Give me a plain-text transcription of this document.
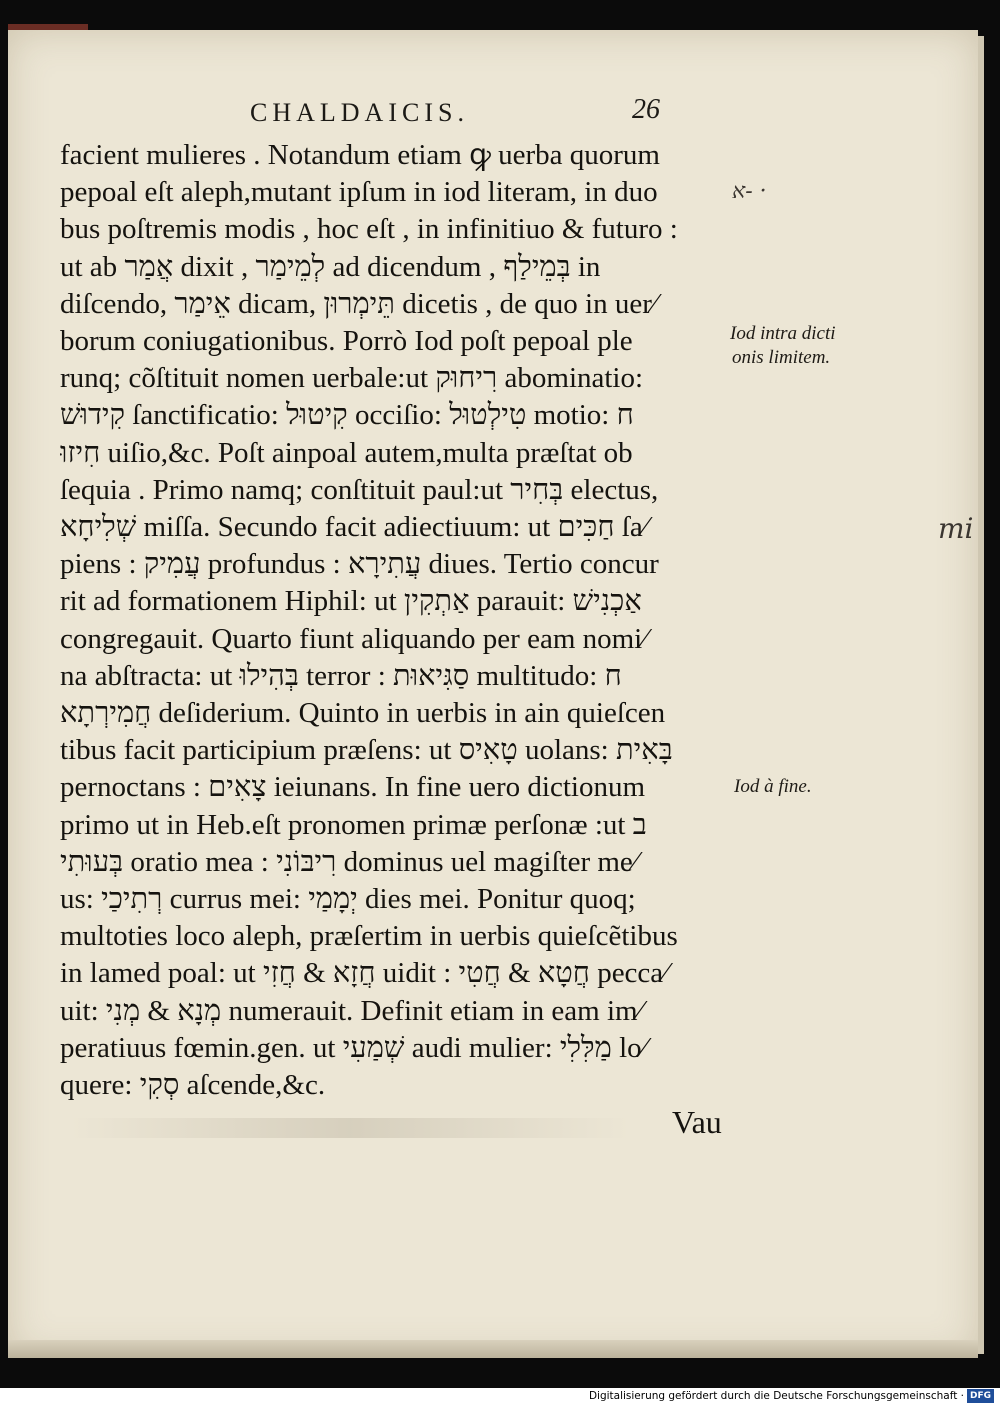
CHALDAICIS.	26
facient mulieres . Notandum etiam ꝙ uerba quorum
pepoal eſt aleph,mutant ipſum in iod literam, in duo
bus poſtremis modis , hoc eſt , in infinitiuo & futuro :
ut ab אֲמַר dixit , לְמֵימַר ad dicendum , בְּמֵילַף in
diſcendo, אֵימַר dicam, תֵּימְרוּן dicetis , de quo in uer⁄
borum coniugationibus. Porrò Iod poſt pepoal ple
runq; cõſtituit nomen uerbale:ut רִיחוּק abominatio:
קִידוּשׁ ſanctificatio: קִיטוּל occiſio: טִילְטוּל motio: ח
חִיזוּ uiſio,&c. Poſt ainpoal autem,multa præſtat ob
ſequia . Primo namq; conſtituit paul:ut בְּחִיר electus,
שְׁלִיחָא miſſa. Secundo facit adiectiuum: ut חַכִּים ſa⁄
piens : עֲמִיק profundus : עֲתִירָא diues. Tertio concur
rit ad formationem Hiphil: ut אַתְקִין parauit: אַכְנִישׁ
congregauit. Quarto fiunt aliquando per eam nomi⁄
na abſtracta: ut בְּהִילוּ terror : סַגִּיאוּת multitudo: ח
חֲמִירְתָא deſiderium. Quinto in uerbis in ain quieſcen
tibus facit participium præſens: ut טָאִיס uolans: בָּאִית
pernoctans : צָאִים ieiunans. In fine uero dictionum
primo ut in Heb.eſt pronomen primæ perſonæ :ut ב
בְּעוּתִי oratio mea : רִיבּוֹנִי dominus uel magiſter me⁄
us: רְתִיכַי currus mei: יְמָמַי dies mei. Ponitur quoq;
multoties loco aleph, præſertim in uerbis quieſcẽtibus
in lamed poal: ut חֲזָא & חֲזִי uidit : חֲטָא & חֲטִי pecca⁄
uit: מְנָא & מְנִי numerauit. Definit etiam in eam im⁄
peratiuus fœmin.gen. ut שְׁמַעִי audi mulier: מַלִּלִי lo⁄
quere: סְקִי aſcende,&c.
Vau
Iod intra dicti
onis limitem.
Iod à fine.
א‑ ·
mi
Digitalisierung gefördert durch die Deutsche Forschungsgemeinschaft · DFG
